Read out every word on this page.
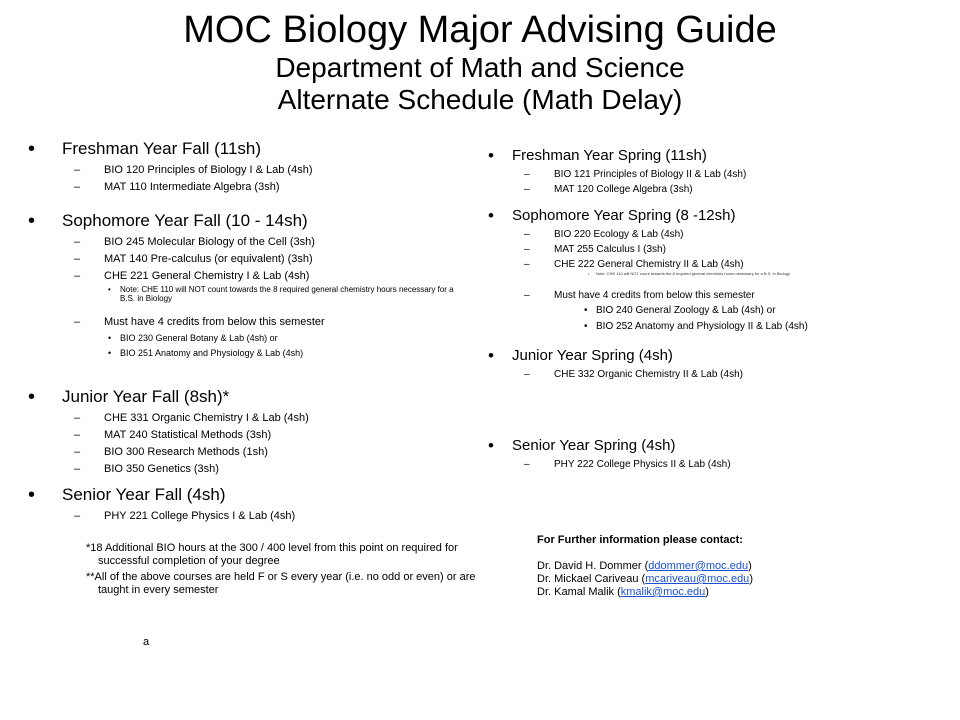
MOC Biology Major Advising Guide
Department of Math and Science
Alternate Schedule (Math Delay)
•	Freshman Year Fall (11sh)
– BIO 120 Principles of Biology I & Lab (4sh)
– MAT 110 Intermediate Algebra (3sh)
•	Sophomore Year Fall (10 - 14sh)
– BIO 245 Molecular Biology of the Cell (3sh)
– MAT 140 Pre-calculus (or equivalent) (3sh)
– CHE 221 General Chemistry I & Lab (4sh)
• Note: CHE 110 will NOT count towards the 8 required general chemistry hours necessary for a B.S. in Biology
– Must have 4 credits from below this semester
• BIO 230 General Botany & Lab (4sh) or
• BIO 251 Anatomy and Physiology & Lab (4sh)
•	Junior Year Fall (8sh)*
– CHE 331 Organic Chemistry I & Lab (4sh)
– MAT 240 Statistical Methods (3sh)
– BIO 300 Research Methods (1sh)
– BIO 350 Genetics (3sh)
•	Senior Year Fall (4sh)
– PHY 221 College Physics I & Lab (4sh)
*18 Additional BIO hours at the 300 / 400 level from this point on required for successful completion of your degree
**All of the above courses are held F or S every year (i.e. no odd or even) or are taught in every semester
a
•	Freshman Year Spring (11sh)
– BIO 121 Principles of Biology II & Lab (4sh)
– MAT 120 College Algebra (3sh)
•	Sophomore Year Spring (8 -12sh)
– BIO 220 Ecology & Lab (4sh)
– MAT 255 Calculus I (3sh)
– CHE 222 General Chemistry II & Lab (4sh)
• Note: CHE 110 will NOT count towards the 8 required general chemistry hours necessary for a B.S. in Biology
– Must have 4 credits from below this semester
• BIO 240 General Zoology & Lab (4sh) or
• BIO 252 Anatomy and Physiology II & Lab (4sh)
•	Junior Year Spring (4sh)
– CHE 332 Organic Chemistry II & Lab (4sh)
•	Senior Year Spring (4sh)
– PHY 222 College Physics II & Lab (4sh)
For Further information please contact:
Dr. David H. Dommer (ddommer@moc.edu)
Dr. Mickael Cariveau (mcariveau@moc.edu)
Dr. Kamal Malik (kmalik@moc.edu)
